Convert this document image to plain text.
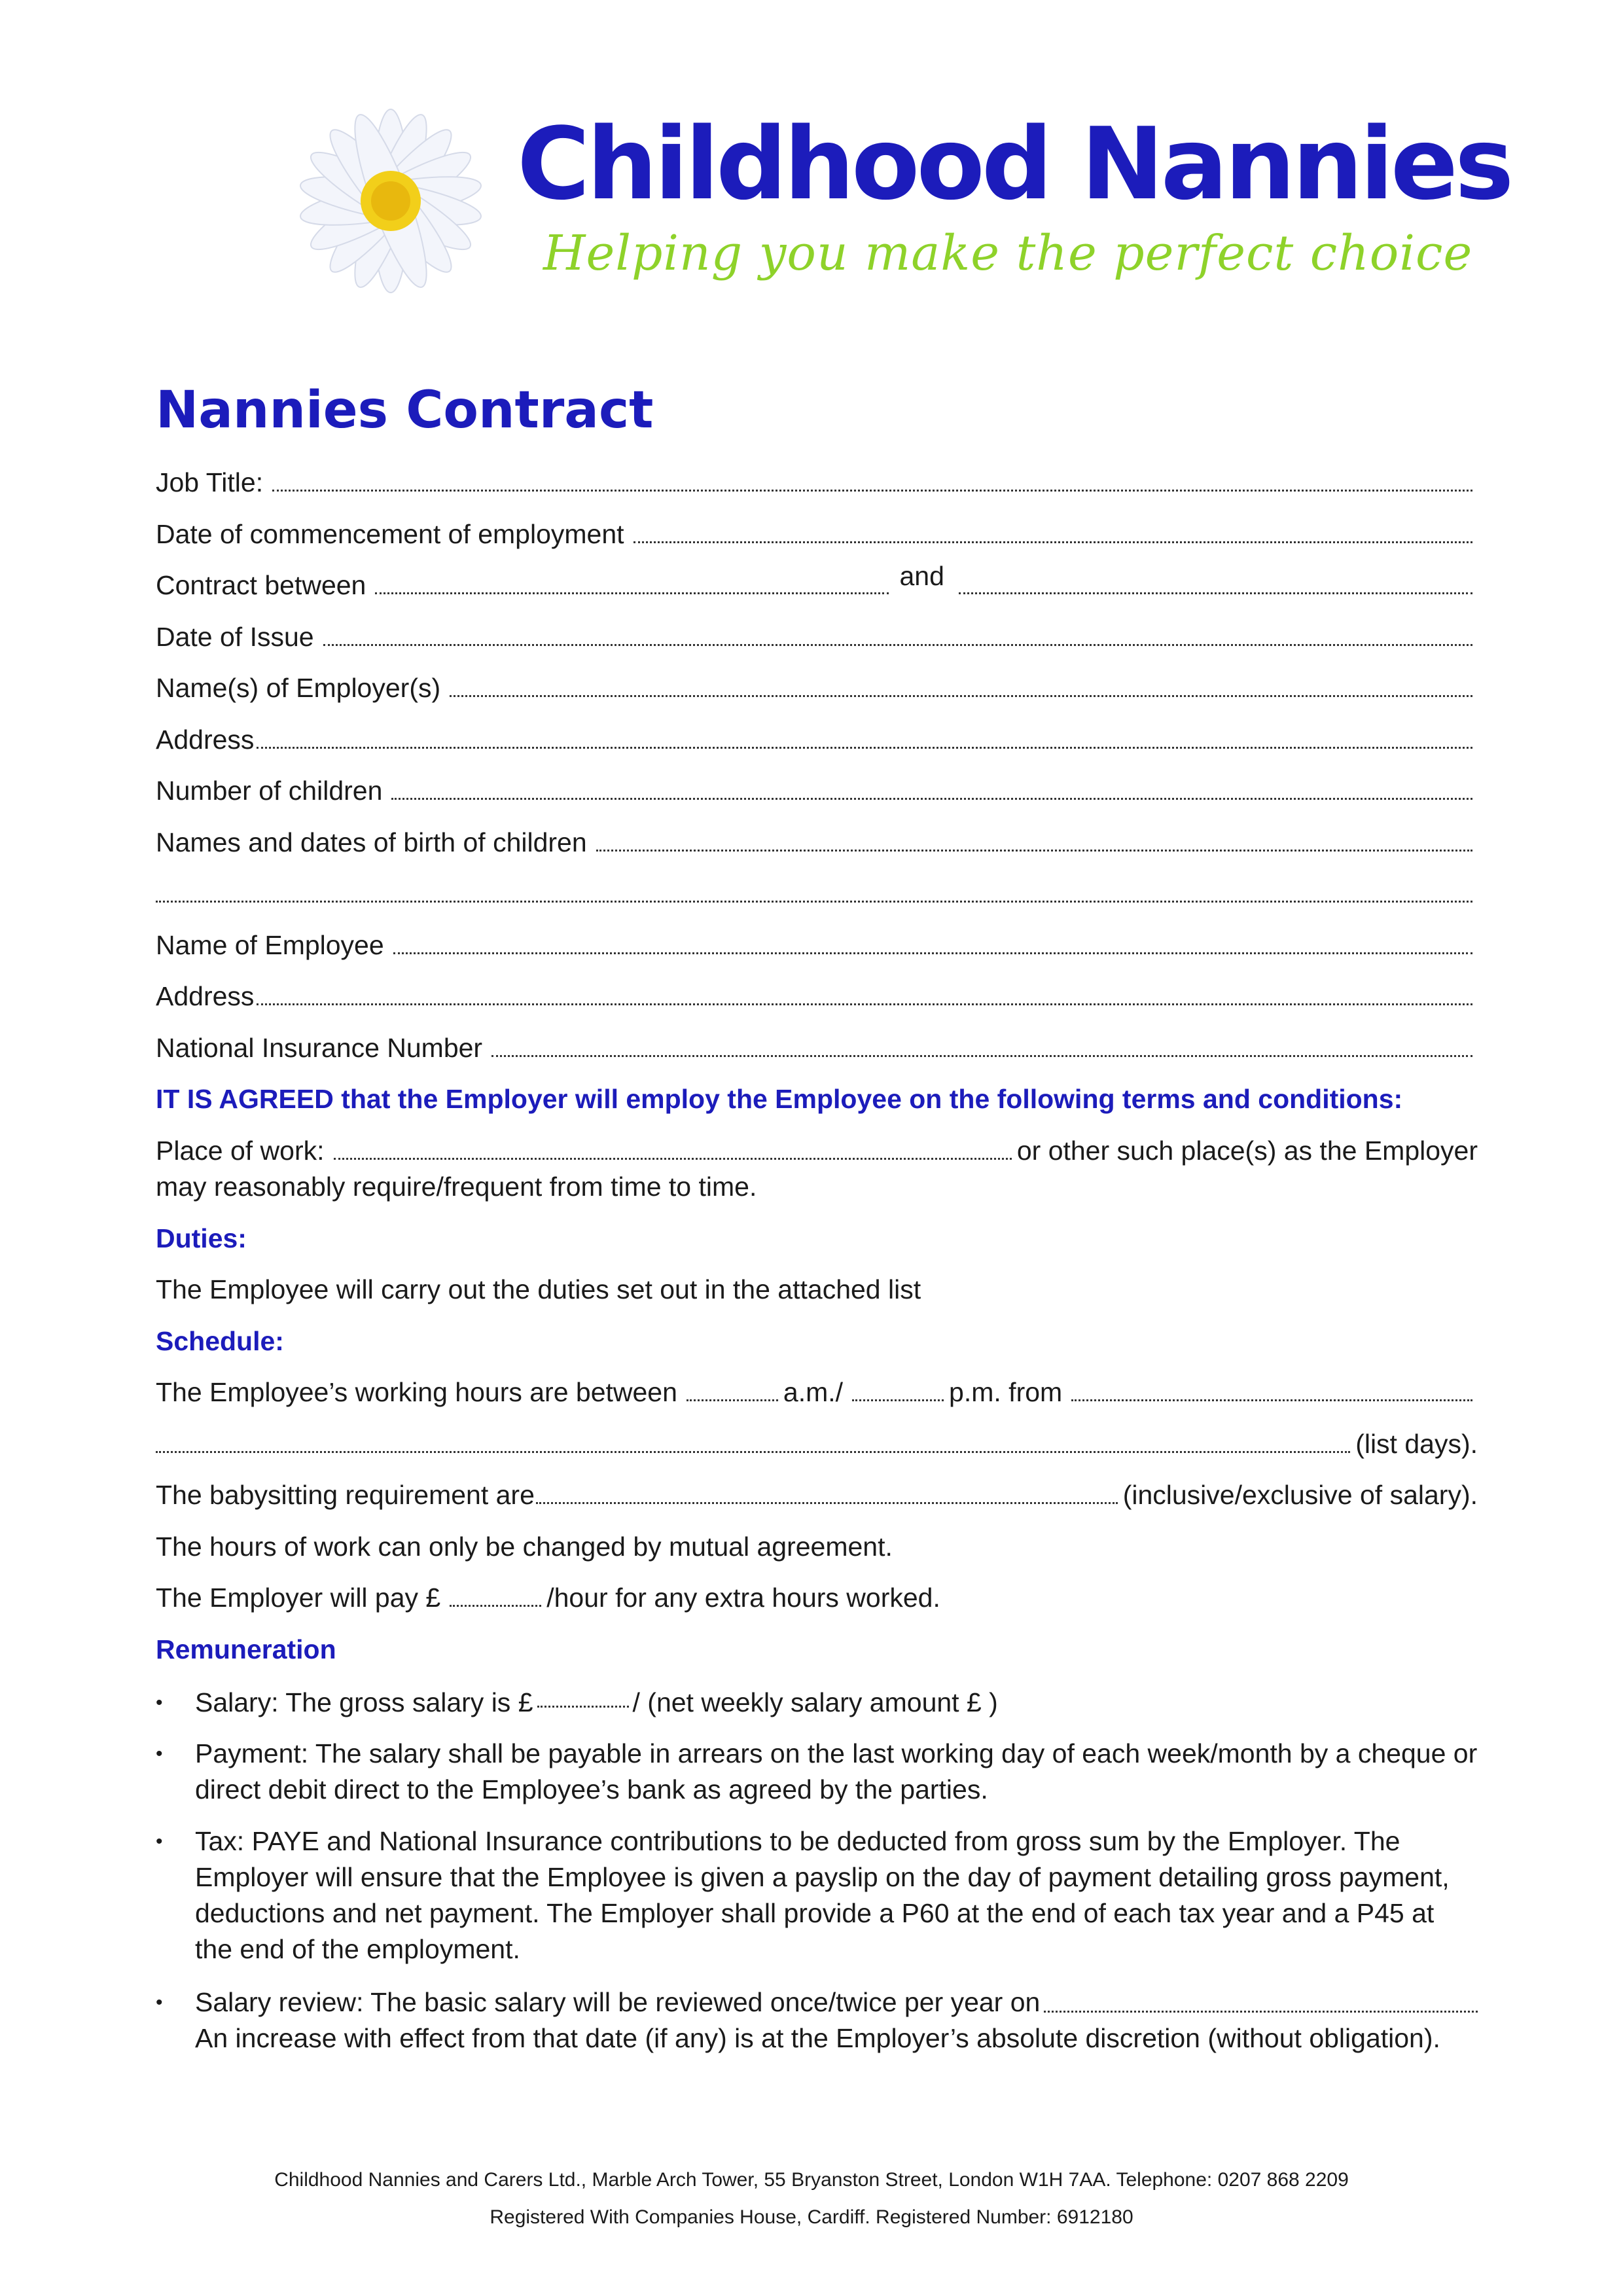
Childhood Nannies
Helping you make the perfect choice
Nannies Contract
Job Title:
Date of commencement of employment
Contract between	and
Date of Issue
Name(s) of Employer(s)
Address
Number of children
Names and dates of birth of children
Name of Employee
Address
National Insurance Number
IT IS AGREED that the Employer will employ the Employee on the following terms and conditions:
Place of work:	or other such place(s) as the Employer
may reasonably require/frequent from time to time.
Duties:
The Employee will carry out the duties set out in the attached list
Schedule:
The Employee’s working hours are between	a.m./	p.m. from
(list days).
The babysitting requirement are	(inclusive/exclusive of salary).
The hours of work can only be changed by mutual agreement.
The Employer will pay £	/hour for any extra hours worked.
Remuneration
• Salary: The gross salary is £	/ (net weekly salary amount £ )
• Payment: The salary shall be payable in arrears on the last working day of each week/month by a cheque or direct debit direct to the Employee’s bank as agreed by the parties.
• Tax: PAYE and National Insurance contributions to be deducted from gross sum by the Employer. The Employer will ensure that the Employee is given a payslip on the day of payment detailing gross payment, deductions and net payment. The Employer shall provide a P60 at the end of each tax year and a P45 at the end of the employment.
• Salary review: The basic salary will be reviewed once/twice per year on
An increase with effect from that date (if any) is at the Employer’s absolute discretion (without obligation).
Childhood Nannies and Carers Ltd., Marble Arch Tower, 55 Bryanston Street, London W1H 7AA. Telephone: 0207 868 2209
Registered With Companies House, Cardiff. Registered Number: 6912180
